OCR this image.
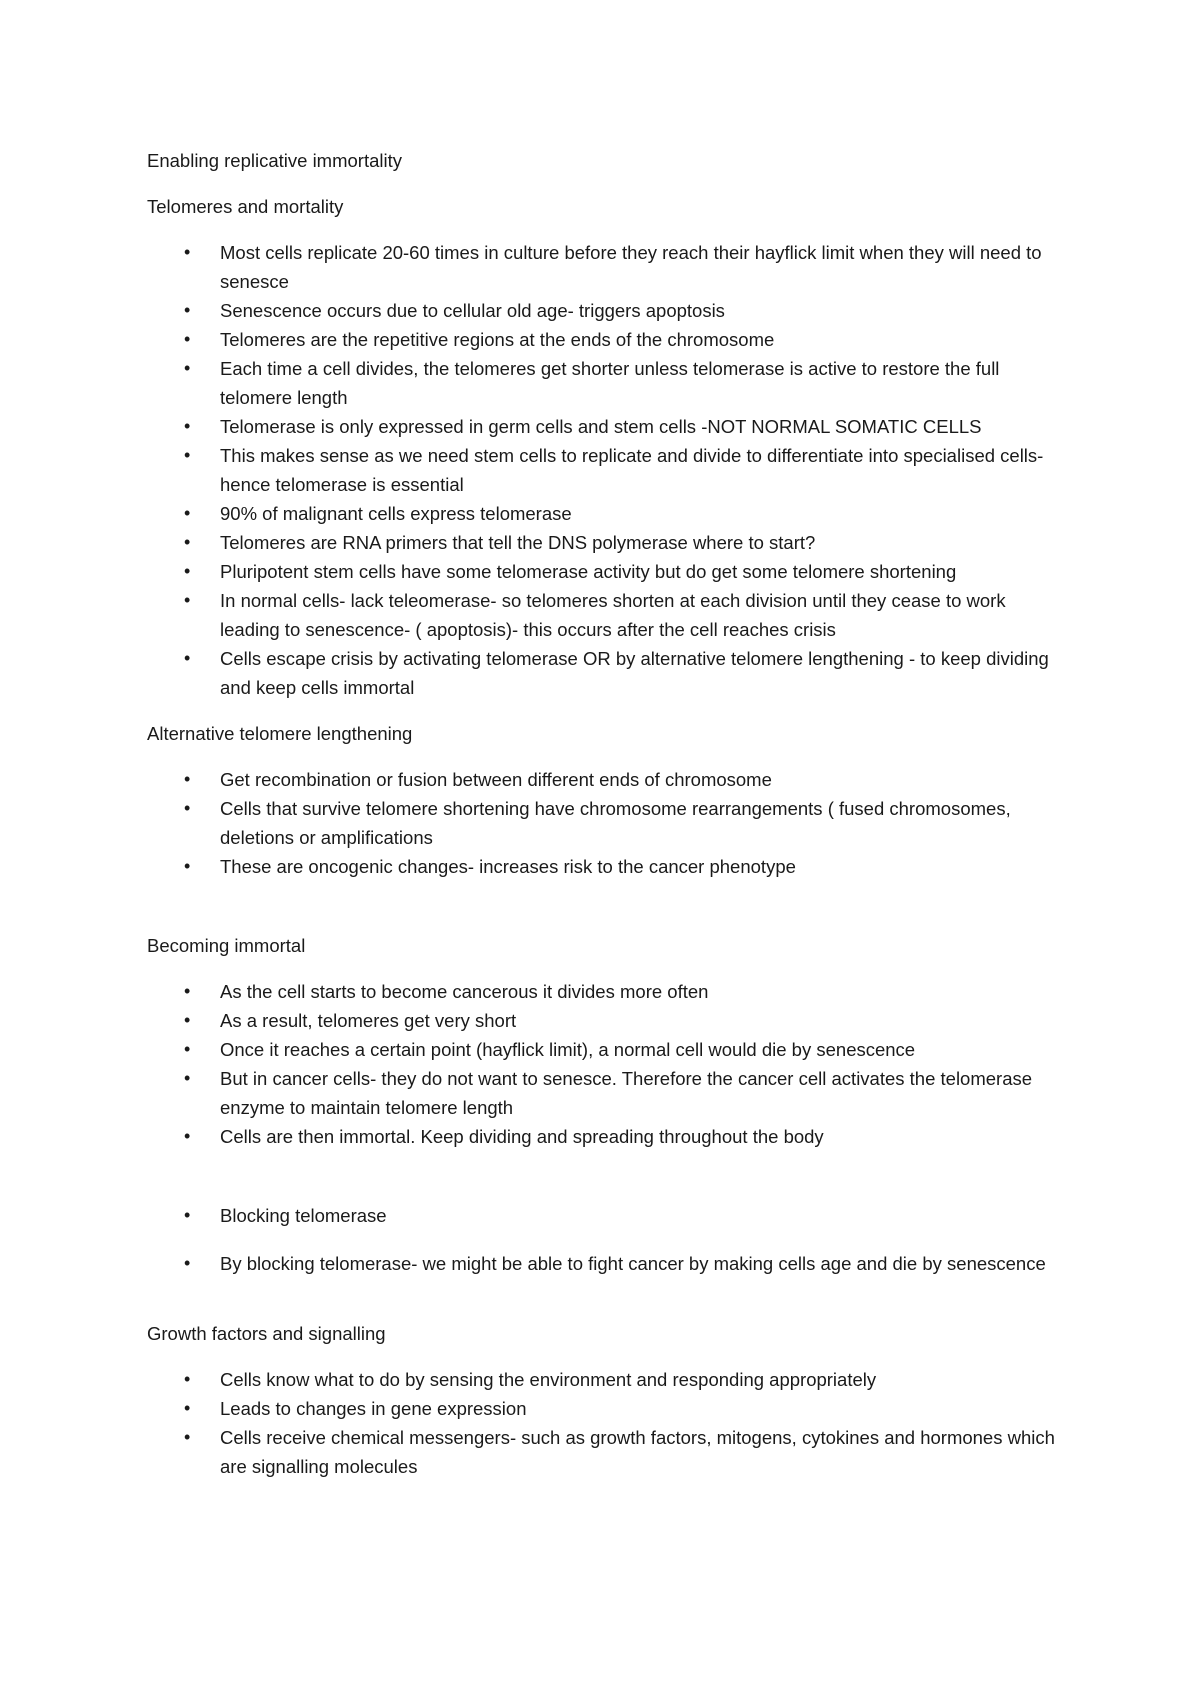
Enabling replicative immortality
Telomeres and mortality
• Most cells replicate 20-60 times in culture before they reach their hayflick limit when they will need to senesce
• Senescence occurs due to cellular old age- triggers apoptosis
• Telomeres are the repetitive regions at the ends of the chromosome
• Each time a cell divides, the telomeres get shorter unless telomerase is active to restore the full telomere length
• Telomerase is only expressed in germ cells and stem cells -NOT NORMAL SOMATIC CELLS
• This makes sense as we need stem cells to replicate and divide to differentiate into specialised cells- hence telomerase is essential
• 90% of malignant cells express telomerase
• Telomeres are RNA primers that tell the DNS polymerase where to start?
• Pluripotent stem cells have some telomerase activity but do get some telomere shortening
• In normal cells- lack teleomerase- so telomeres shorten at each division until they cease to work leading to senescence- ( apoptosis)- this occurs after the cell reaches crisis
• Cells escape crisis by activating telomerase OR by alternative telomere lengthening - to keep dividing and keep cells immortal
Alternative telomere lengthening
• Get recombination or fusion between different ends of chromosome
• Cells that survive telomere shortening have chromosome rearrangements ( fused chromosomes, deletions or amplifications
• These are oncogenic changes- increases risk to the cancer phenotype
Becoming immortal
• As the cell starts to become cancerous it divides more often
• As a result, telomeres get very short
• Once it reaches a certain point (hayflick limit), a normal cell would die by senescence
• But in cancer cells- they do not want to senesce. Therefore the cancer cell activates the telomerase enzyme to maintain telomere length
• Cells are then immortal. Keep dividing and spreading throughout the body
• Blocking telomerase
• By blocking telomerase- we might be able to fight cancer by making cells age and die by senescence
Growth factors and signalling
• Cells know what to do by sensing the environment and responding appropriately
• Leads to changes in gene expression
• Cells receive chemical messengers- such as growth factors, mitogens, cytokines and hormones which are signalling molecules
